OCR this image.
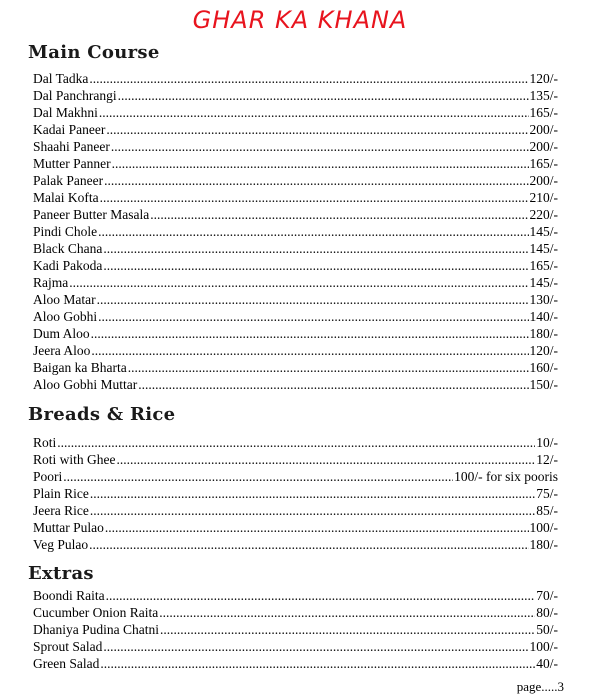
GHAR KA KHANA
Main Course
Dal Tadka .....	120/-
Dal Panchrangi .....	135/-
Dal Makhni .....	165/-
Kadai Paneer .....	200/-
Shaahi Paneer .....	200/-
Mutter Panner .....	165/-
Palak Paneer .....	200/-
Malai Kofta .....	210/-
Paneer Butter Masala .....	220/-
Pindi Chole .....	145/-
Black Chana .....	145/-
Kadi Pakoda .....	165/-
Rajma .....	145/-
Aloo Matar .....	130/-
Aloo Gobhi .....	140/-
Dum Aloo .....	180/-
Jeera Aloo .....	120/-
Baigan ka Bharta .....	160/-
Aloo Gobhi Muttar .....	150/-
Breads & Rice
Roti .....	10/-
Roti with Ghee .....	12/-
Poori .....	100/- for six pooris
Plain Rice .....	75/-
Jeera Rice .....	85/-
Muttar Pulao .....	100/-
Veg Pulao .....	180/-
Extras
Boondi Raita .....	70/-
Cucumber Onion Raita .....	80/-
Dhaniya Pudina Chatni .....	50/-
Sprout Salad .....	100/-
Green Salad .....	40/-
page.....3
